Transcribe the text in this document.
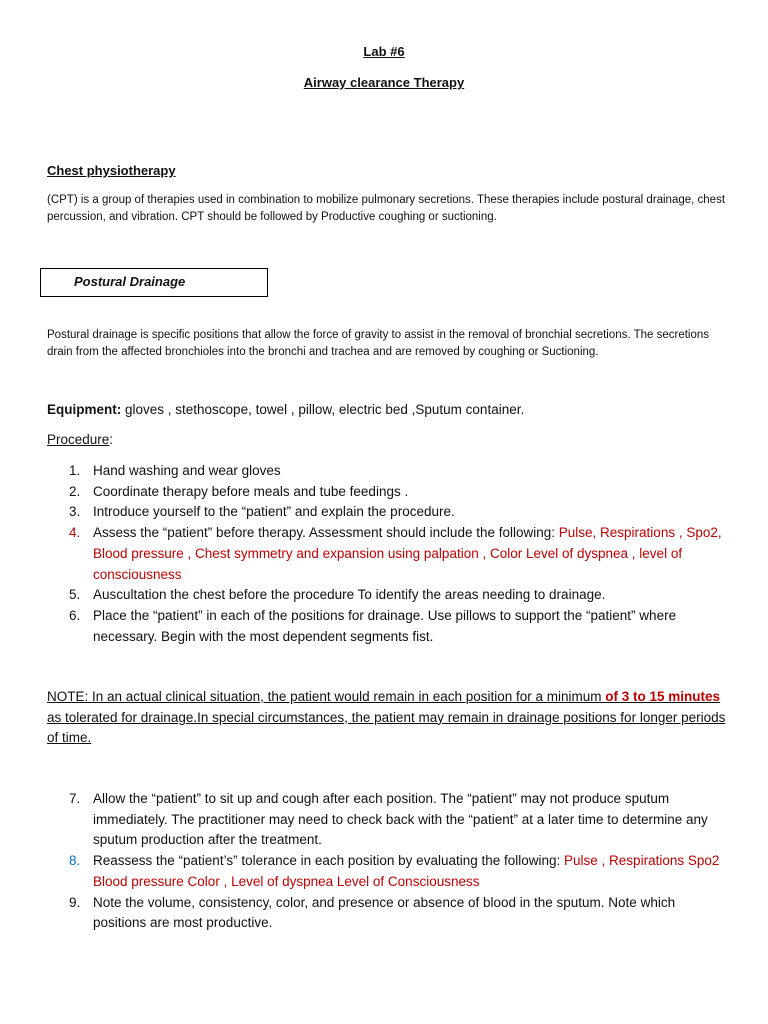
Lab #6
Airway clearance Therapy
Chest physiotherapy
(CPT) is a group of therapies used in combination to mobilize pulmonary secretions. These therapies include postural drainage, chest percussion, and vibration. CPT should be followed by Productive coughing or suctioning.
Postural Drainage
Postural drainage is specific positions that allow the force of gravity to assist in the removal of bronchial secretions. The secretions drain from the affected bronchioles into the bronchi and trachea and are removed by coughing or Suctioning.
Equipment: gloves , stethoscope, towel , pillow, electric bed ,Sputum container.
Procedure:
1. Hand washing and wear gloves
2. Coordinate therapy before meals and tube feedings .
3. Introduce yourself to the “patient” and explain the procedure.
4. Assess the “patient” before therapy. Assessment should include the following: Pulse, Respirations , Spo2, Blood pressure , Chest symmetry and expansion using palpation , Color Level of dyspnea , level of consciousness
5. Auscultation the chest before the procedure To identify the areas needing to drainage.
6. Place the “patient” in each of the positions for drainage. Use pillows to support the “patient” where necessary. Begin with the most dependent segments fist.
NOTE: In an actual clinical situation, the patient would remain in each position for a minimum of 3 to 15 minutes as tolerated for drainage.In special circumstances, the patient may remain in drainage positions for longer periods of time.
7. Allow the “patient” to sit up and cough after each position. The “patient” may not produce sputum immediately. The practitioner may need to check back with the “patient” at a later time to determine any sputum production after the treatment.
8. Reassess the “patient’s” tolerance in each position by evaluating the following: Pulse , Respirations Spo2 Blood pressure Color , Level of dyspnea Level of Consciousness
9. Note the volume, consistency, color, and presence or absence of blood in the sputum. Note which positions are most productive.
